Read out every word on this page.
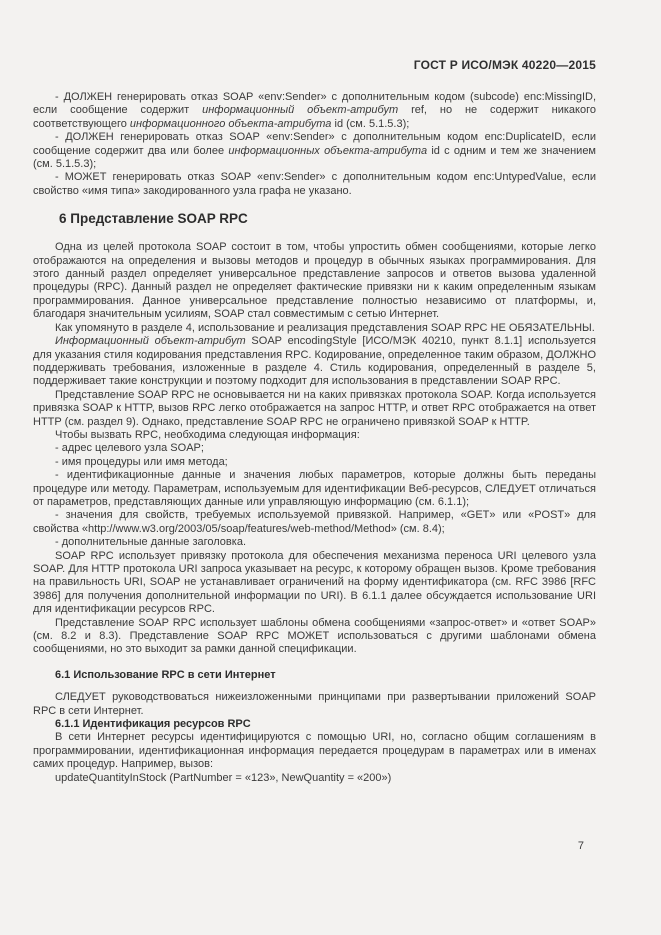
ГОСТ Р ИСО/МЭК 40220—2015

- ДОЛЖЕН генерировать отказ SOAP «env:Sender» с дополнительным кодом (subcode) enc:MissingID, если сообщение содержит информационный объект-атрибут ref, но не содержит никакого соответствующего информационного объекта-атрибута id (см. 5.1.5.3);

- ДОЛЖЕН генерировать отказ SOAP «env:Sender» с дополнительным кодом enc:DuplicateID, если сообщение содержит два или более информационных объекта-атрибута id с одним и тем же значением (см. 5.1.5.3);

- МОЖЕТ генерировать отказ SOAP «env:Sender» с дополнительным кодом enc:UntypedValue, если свойство «имя типа» закодированного узла графа не указано.

6 Представление SOAP RPC

Одна из целей протокола SOAP состоит в том, чтобы упростить обмен сообщениями, которые легко отображаются на определения и вызовы методов и процедур в обычных языках программирования. Для этого данный раздел определяет универсальное представление запросов и ответов вызова удаленной процедуры (RPC). Данный раздел не определяет фактические привязки ни к каким определенным языкам программирования. Данное универсальное представление полностью независимо от платформы, и, благодаря значительным усилиям, SOAP стал совместимым с сетью Интернет.

Как упомянуто в разделе 4, использование и реализация представления SOAP RPC НЕ ОБЯЗАТЕЛЬНЫ.

Информационный объект-атрибут SOAP encodingStyle [ИСО/МЭК 40210, пункт 8.1.1] используется для указания стиля кодирования представления RPC. Кодирование, определенное таким образом, ДОЛЖНО поддерживать требования, изложенные в разделе 4. Стиль кодирования, определенный в разделе 5, поддерживает такие конструкции и поэтому подходит для использования в представлении SOAP RPC.

Представление SOAP RPC не основывается ни на каких привязках протокола SOAP. Когда используется привязка SOAP к HTTP, вызов RPC легко отображается на запрос HTTP, и ответ RPC отображается на ответ HTTP (см. раздел 9). Однако, представление SOAP RPC не ограничено привязкой SOAP к HTTP.

Чтобы вызвать RPC, необходима следующая информация:

- адрес целевого узла SOAP;

- имя процедуры или имя метода;

- идентификационные данные и значения любых параметров, которые должны быть переданы процедуре или методу. Параметрам, используемым для идентификации Веб-ресурсов, СЛЕДУЕТ отличаться от параметров, представляющих данные или управляющую информацию (см. 6.1.1);

- значения для свойств, требуемых используемой привязкой. Например, «GET» или «POST» для свойства «http://www.w3.org/2003/05/soap/features/web-method/Method» (см. 8.4);

- дополнительные данные заголовка.

SOAP RPC использует привязку протокола для обеспечения механизма переноса URI целевого узла SOAP. Для HTTP протокола URI запроса указывает на ресурс, к которому обращен вызов. Кроме требования на правильность URI, SOAP не устанавливает ограничений на форму идентификатора (см. RFC 3986 [RFC 3986] для получения дополнительной информации по URI). В 6.1.1 далее обсуждается использование URI для идентификации ресурсов RPC.

Представление SOAP RPC использует шаблоны обмена сообщениями «запрос-ответ» и «ответ SOAP» (см. 8.2 и 8.3). Представление SOAP RPC МОЖЕТ использоваться с другими шаблонами обмена сообщениями, но это выходит за рамки данной спецификации.

6.1 Использование RPC в сети Интернет

СЛЕДУЕТ руководствоваться нижеизложенными принципами при развертывании приложений SOAP RPC в сети Интернет.

6.1.1 Идентификация ресурсов RPC

В сети Интернет ресурсы идентифицируются с помощью URI, но, согласно общим соглашениям в программировании, идентификационная информация передается процедурам в параметрах или в именах самих процедур. Например, вызов:

updateQuantityInStock (PartNumber = «123», NewQuantity = «200»)

7
